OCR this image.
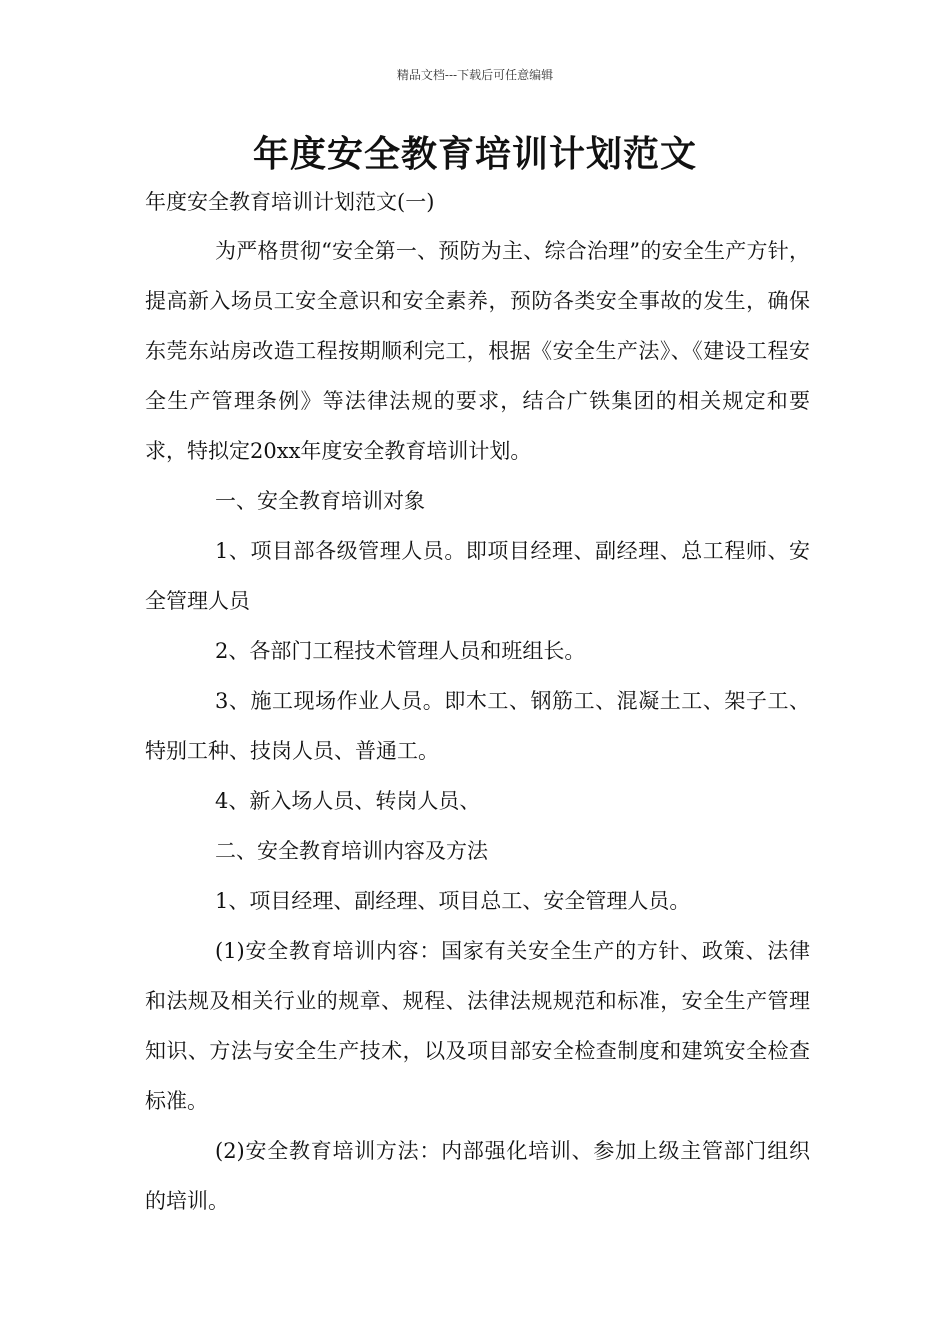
精品文档---下载后可任意编辑
年度安全教育培训计划范文
年度安全教育培训计划范文(一)

为严格贯彻“安全第一、预防为主、综合治理”的安全生产方针，提高新入场员工安全意识和安全素养，预防各类安全事故的发生，确保东莞东站房改造工程按期顺利完工，根据《安全生产法》、《建设工程安全生产管理条例》等法律法规的要求，结合广铁集团的相关规定和要求，特拟定20xx年度安全教育培训计划。

一、安全教育培训对象

1、项目部各级管理人员。即项目经理、副经理、总工程师、安全管理人员

2、各部门工程技术管理人员和班组长。

3、施工现场作业人员。即木工、钢筋工、混凝土工、架子工、特别工种、技岗人员、普通工。

4、新入场人员、转岗人员、

二、安全教育培训内容及方法

1、项目经理、副经理、项目总工、安全管理人员。

(1)安全教育培训内容：国家有关安全生产的方针、政策、法律和法规及相关行业的规章、规程、法律法规规范和标准，安全生产管理知识、方法与安全生产技术，以及项目部安全检查制度和建筑安全检查标准。

(2)安全教育培训方法：内部强化培训、参加上级主管部门组织的培训。
